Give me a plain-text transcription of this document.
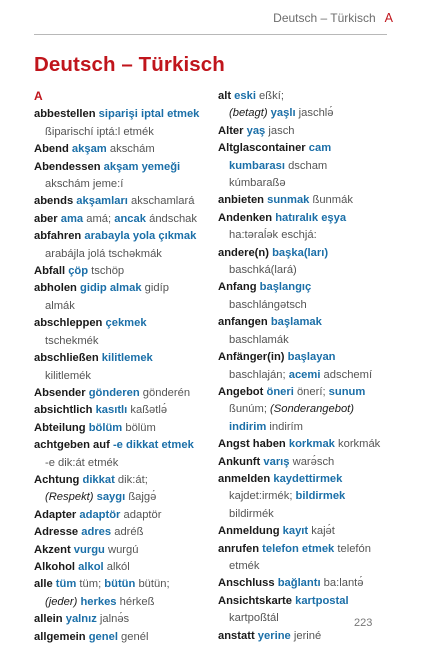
Deutsch – Türkisch A
Deutsch – Türkisch
A
abbestellen siparişi iptal etmek
ßiparischí iptá:l etmék
Abend akşam akschám
Abendessen akşam yemeği
akschám jeme:í
abends akşamları akschamlará
aber ama amá; ancak ándschak
abfahren arabayla yola çıkmak
arabájla jolá tschəkmák
Abfall çöp tschöp
abholen gidip almak gidíp
almák
abschleppen çekmek
tschekmék
abschließen kilitlemek
kilitlemék
Absender gönderen gönderén
absichtlich kasıtlı kaßətlə́
Abteilung bölüm bölüm
achtgeben auf -e dikkat etmek
-e dik:át etmék
Achtung dikkat dik:át;
(Respekt) saygı ßajgə́
Adapter adaptör adaptör
Adresse adres adréß
Akzent vurgu wurgú
Alkohol alkol alkól
alle tüm tüm; bütün bütün;
(jeder) herkes hérkeß
allein yalnız jalnə́s
allgemein genel genél
alt eski eßkí;
(betagt) yaşlı jaschlə́
Alter yaş jasch
Altglascontainer cam
kumbarası dscham
kúmbaraßə
anbieten sunmak ßunmák
Andenken hatıralık eşya
ha:təraĺək eschjá:
andere(n) başka(ları)
baschká(lará)
Anfang başlangıç
baschlángətsch
anfangen başlamak
baschlamák
Anfänger(in) başlayan
baschlaján; acemi adschemí
Angebot öneri önerí; sunum
ßunúm; (Sonderangebot)
indirim indirím
Angst haben korkmak korkmák
Ankunft varış warə́sch
anmelden kaydettirmek
kajdet:irmék; bildirmek
bildirmék
Anmeldung kayıt kajə́t
anrufen telefon etmek telefón
etmék
Anschluss bağlantı ba:lantə́
Ansichtskarte kartpostal
kartpoßtál
anstatt yerine jeriné
223
